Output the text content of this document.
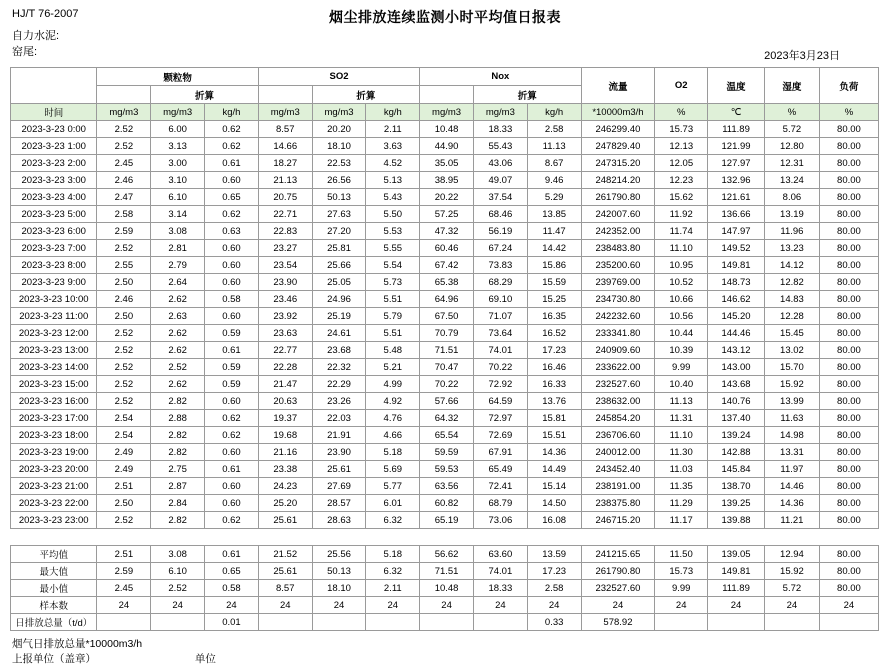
HJ/T 76-2007	烟尘排放连续监测小时平均值日报表
自力水泥:
窑尾:	2023年3月23日
	颗粒物			SO2			Nox			流量	O2	温度	湿度	负荷
		折算			折算			折算						
时间	mg/m3	mg/m3	kg/h	mg/m3	mg/m3	kg/h	mg/m3	mg/m3	kg/h	*10000m3/h	%	℃	%	%
2023-3-23 0:00	2.52	6.00	0.62	8.57	20.20	2.11	10.48	18.33	2.58	246299.40	15.73	111.89	5.72	80.00
2023-3-23 1:00	2.52	3.13	0.62	14.66	18.10	3.63	44.90	55.43	11.13	247829.40	12.13	121.99	12.80	80.00
2023-3-23 2:00	2.45	3.00	0.61	18.27	22.53	4.52	35.05	43.06	8.67	247315.20	12.05	127.97	12.31	80.00
2023-3-23 3:00	2.46	3.10	0.60	21.13	26.56	5.13	38.95	49.07	9.46	248214.20	12.23	132.96	13.24	80.00
2023-3-23 4:00	2.47	6.10	0.65	20.75	50.13	5.43	20.22	37.54	5.29	261790.80	15.62	121.61	8.06	80.00
2023-3-23 5:00	2.58	3.14	0.62	22.71	27.63	5.50	57.25	68.46	13.85	242007.60	11.92	136.66	13.19	80.00
2023-3-23 6:00	2.59	3.08	0.63	22.83	27.20	5.53	47.32	56.19	11.47	242352.00	11.74	147.97	11.96	80.00
2023-3-23 7:00	2.52	2.81	0.60	23.27	25.81	5.55	60.46	67.24	14.42	238483.80	11.10	149.52	13.23	80.00
2023-3-23 8:00	2.55	2.79	0.60	23.54	25.66	5.54	67.42	73.83	15.86	235200.60	10.95	149.81	14.12	80.00
2023-3-23 9:00	2.50	2.64	0.60	23.90	25.05	5.73	65.38	68.29	15.59	239769.00	10.52	148.73	12.82	80.00
2023-3-23 10:00	2.46	2.62	0.58	23.46	24.96	5.51	64.96	69.10	15.25	234730.80	10.66	146.62	14.83	80.00
2023-3-23 11:00	2.50	2.63	0.60	23.92	25.19	5.79	67.50	71.07	16.35	242232.60	10.56	145.20	12.28	80.00
2023-3-23 12:00	2.52	2.62	0.59	23.63	24.61	5.51	70.79	73.64	16.52	233341.80	10.44	144.46	15.45	80.00
2023-3-23 13:00	2.52	2.62	0.61	22.77	23.68	5.48	71.51	74.01	17.23	240909.60	10.39	143.12	13.02	80.00
2023-3-23 14:00	2.52	2.52	0.59	22.28	22.32	5.21	70.47	70.22	16.46	233622.00	9.99	143.00	15.70	80.00
2023-3-23 15:00	2.52	2.62	0.59	21.47	22.29	4.99	70.22	72.92	16.33	232527.60	10.40	143.68	15.92	80.00
2023-3-23 16:00	2.52	2.82	0.60	20.63	23.26	4.92	57.66	64.59	13.76	238632.00	11.13	140.76	13.99	80.00
2023-3-23 17:00	2.54	2.88	0.62	19.37	22.03	4.76	64.32	72.97	15.81	245854.20	11.31	137.40	11.63	80.00
2023-3-23 18:00	2.54	2.82	0.62	19.68	21.91	4.66	65.54	72.69	15.51	236706.60	11.10	139.24	14.98	80.00
2023-3-23 19:00	2.49	2.82	0.60	21.16	23.90	5.18	59.59	67.91	14.36	240012.00	11.30	142.88	13.31	80.00
2023-3-23 20:00	2.49	2.75	0.61	23.38	25.61	5.69	59.53	65.49	14.49	243452.40	11.03	145.84	11.97	80.00
2023-3-23 21:00	2.51	2.87	0.60	24.23	27.69	5.77	63.56	72.41	15.14	238191.00	11.35	138.70	14.46	80.00
2023-3-23 22:00	2.50	2.84	0.60	25.20	28.57	6.01	60.82	68.79	14.50	238375.80	11.29	139.25	14.36	80.00
2023-3-23 23:00	2.52	2.82	0.62	25.61	28.63	6.32	65.19	73.06	16.08	246715.20	11.17	139.88	11.21	80.00

平均值	2.51	3.08	0.61	21.52	25.56	5.18	56.62	63.60	13.59	241215.65	11.50	139.05	12.94	80.00
最大值	2.59	6.10	0.65	25.61	50.13	6.32	71.51	74.01	17.23	261790.80	15.73	149.81	15.92	80.00
最小值	2.45	2.52	0.58	8.57	18.10	2.11	10.48	18.33	2.58	232527.60	9.99	111.89	5.72	80.00
样本数	24	24	24	24	24	24	24	24	24	24	24	24	24	24
日排放总量（t/d）			0.01						0.33	578.92				
烟气日排放总量*10000m3/h
上报单位（盖章）	单位
